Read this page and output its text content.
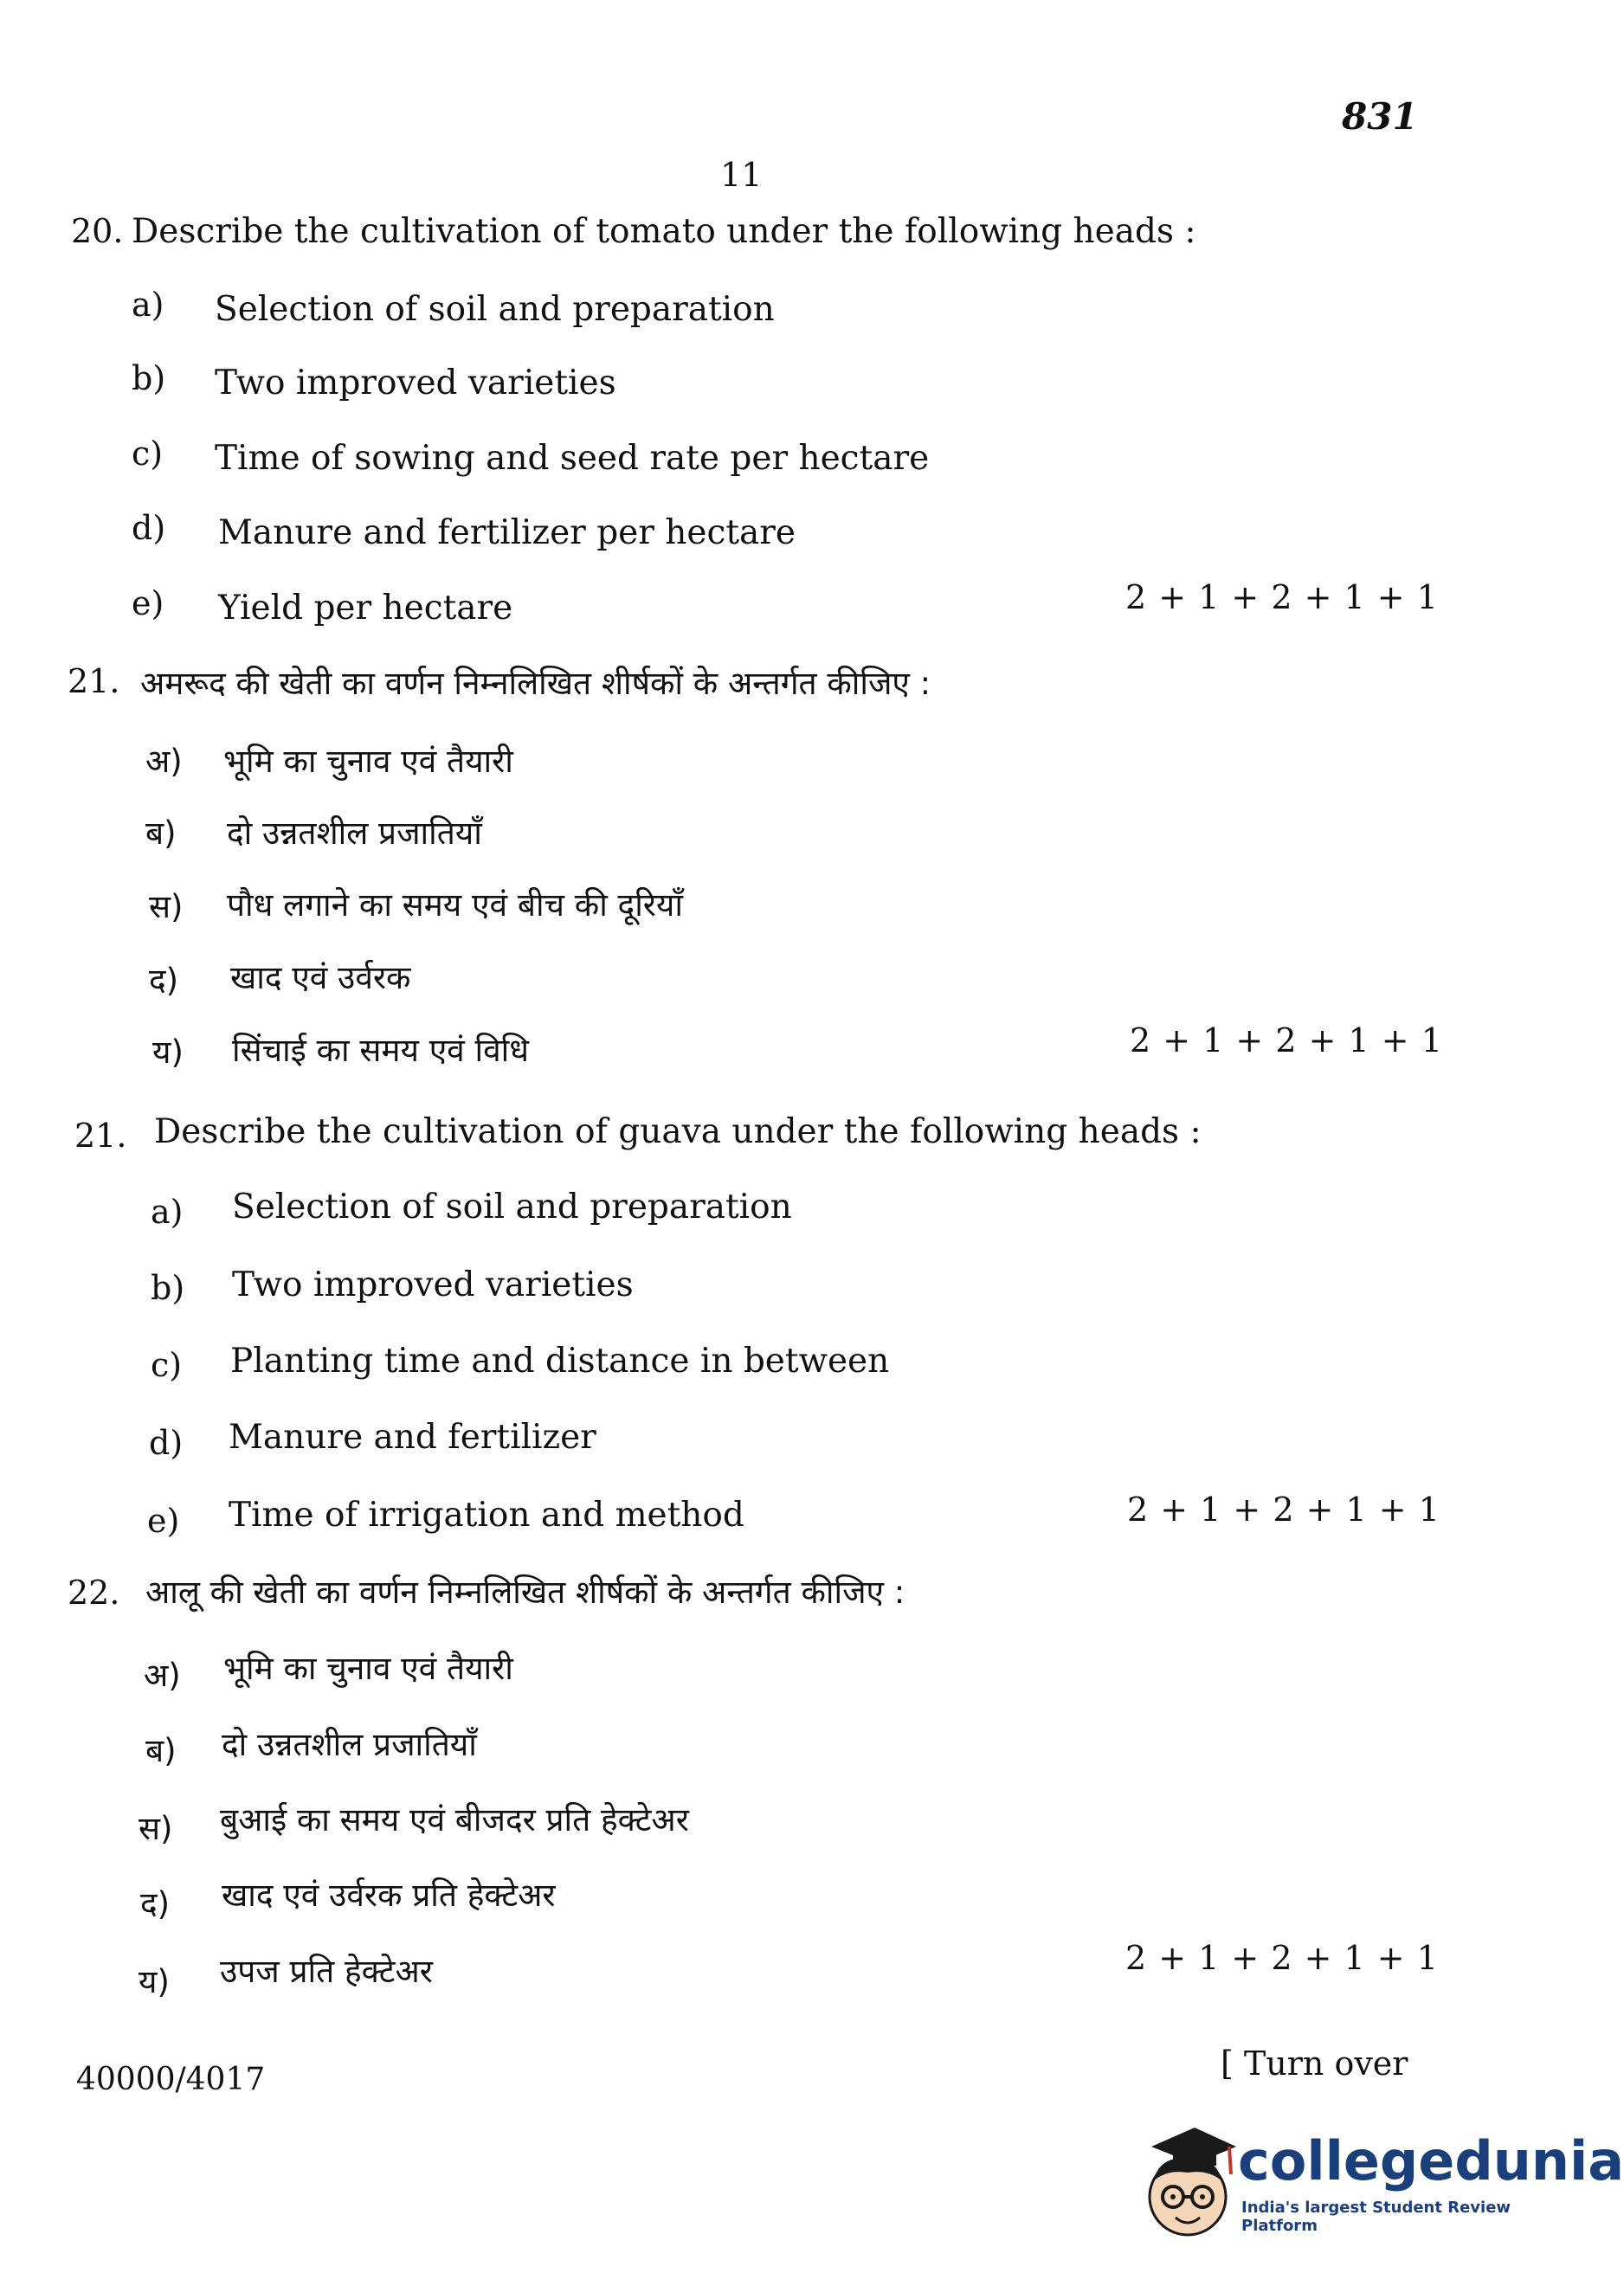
831
11
20. Describe the cultivation of tomato under the following heads :
a) Selection of soil and preparation
b) Two improved varieties
c) Time of sowing and seed rate per hectare
d) Manure and fertilizer per hectare
e) Yield per hectare	2 + 1 + 2 + 1 + 1
21. अमरूद की खेती का वर्णन निम्नलिखित शीर्षकों के अन्तर्गत कीजिए :
अ) भूमि का चुनाव एवं तैयारी
ब) दो उन्नतशील प्रजातियाँ
स) पौध लगाने का समय एवं बीच की दूरियाँ
द) खाद एवं उर्वरक
य) सिंचाई का समय एवं विधि	2 + 1 + 2 + 1 + 1
21. Describe the cultivation of guava under the following heads :
a) Selection of soil and preparation
b) Two improved varieties
c) Planting time and distance in between
d) Manure and fertilizer
e) Time of irrigation and method	2 + 1 + 2 + 1 + 1
22. आलू की खेती का वर्णन निम्नलिखित शीर्षकों के अन्तर्गत कीजिए :
अ) भूमि का चुनाव एवं तैयारी
ब) दो उन्नतशील प्रजातियाँ
स) बुआई का समय एवं बीजदर प्रति हेक्टेअर
द) खाद एवं उर्वरक प्रति हेक्टेअर
य) उपज प्रति हेक्टेअर	2 + 1 + 2 + 1 + 1
40000/4017	[ Turn over
collegedunia
India's largest Student Review Platform
